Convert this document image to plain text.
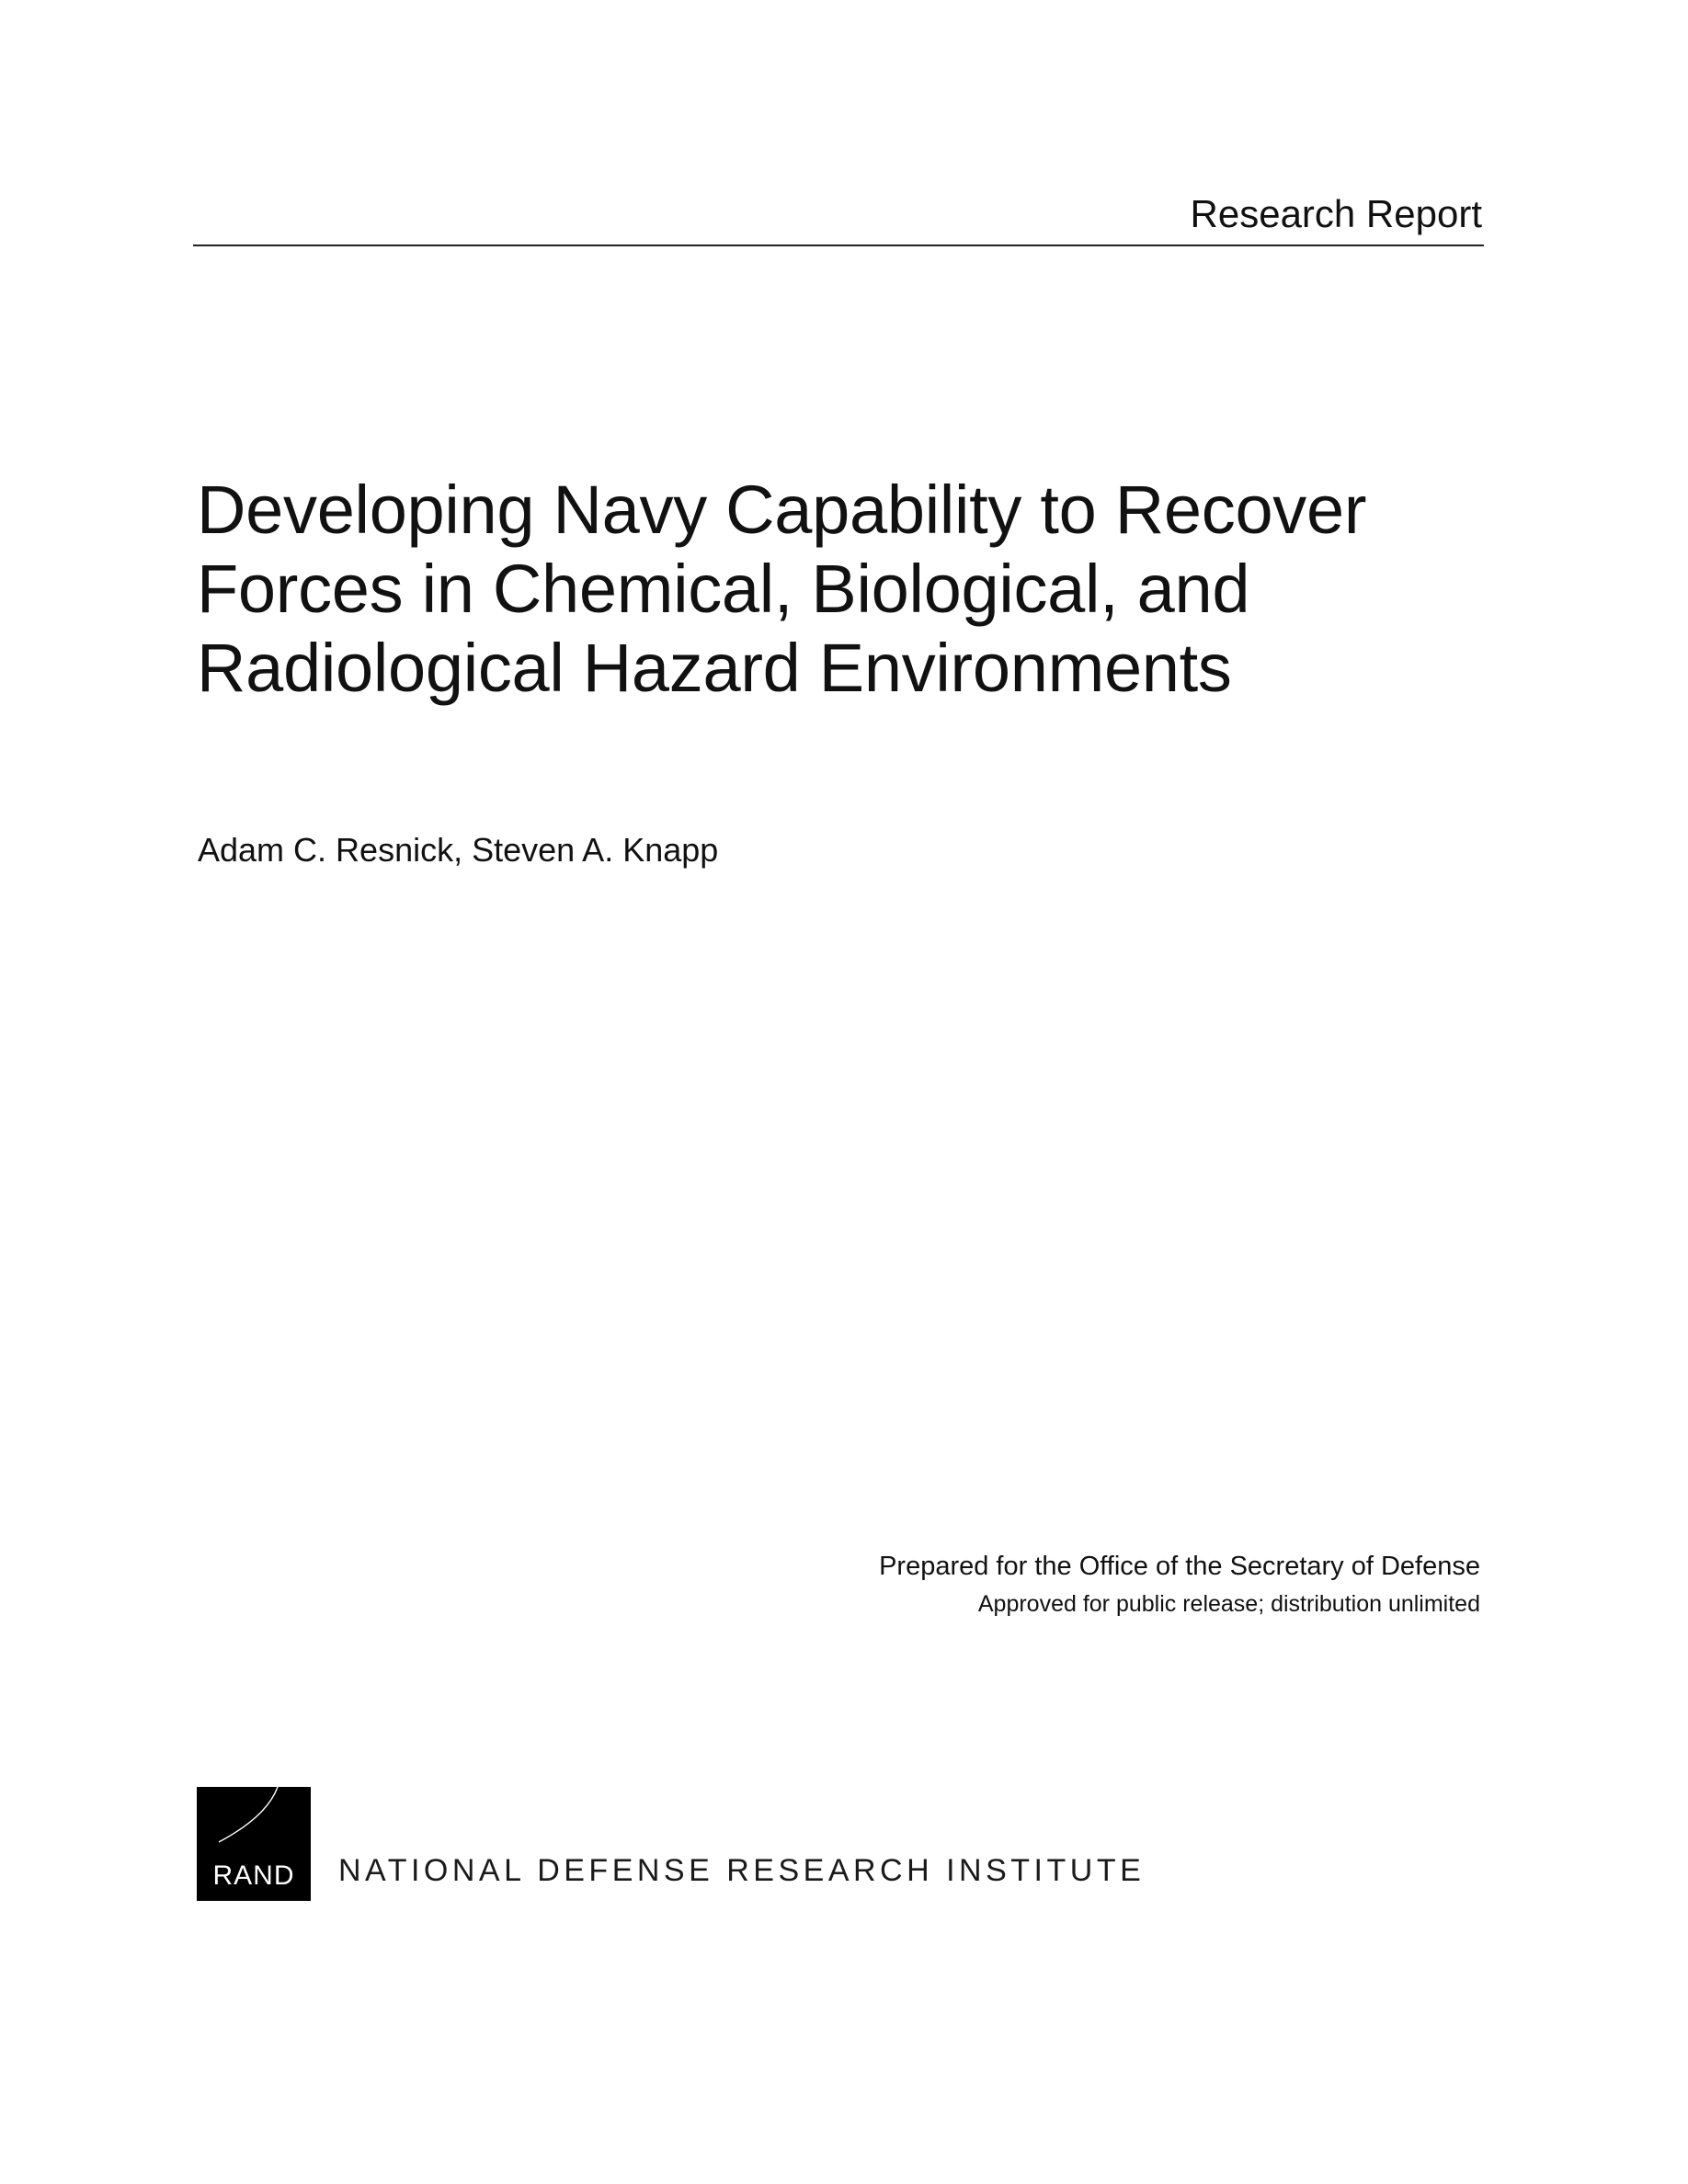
Research Report
Developing Navy Capability to Recover
Forces in Chemical, Biological, and
Radiological Hazard Environments
Adam C. Resnick, Steven A. Knapp
Prepared for the Office of the Secretary of Defense
Approved for public release; distribution unlimited
RAND	NATIONAL DEFENSE RESEARCH INSTITUTE
